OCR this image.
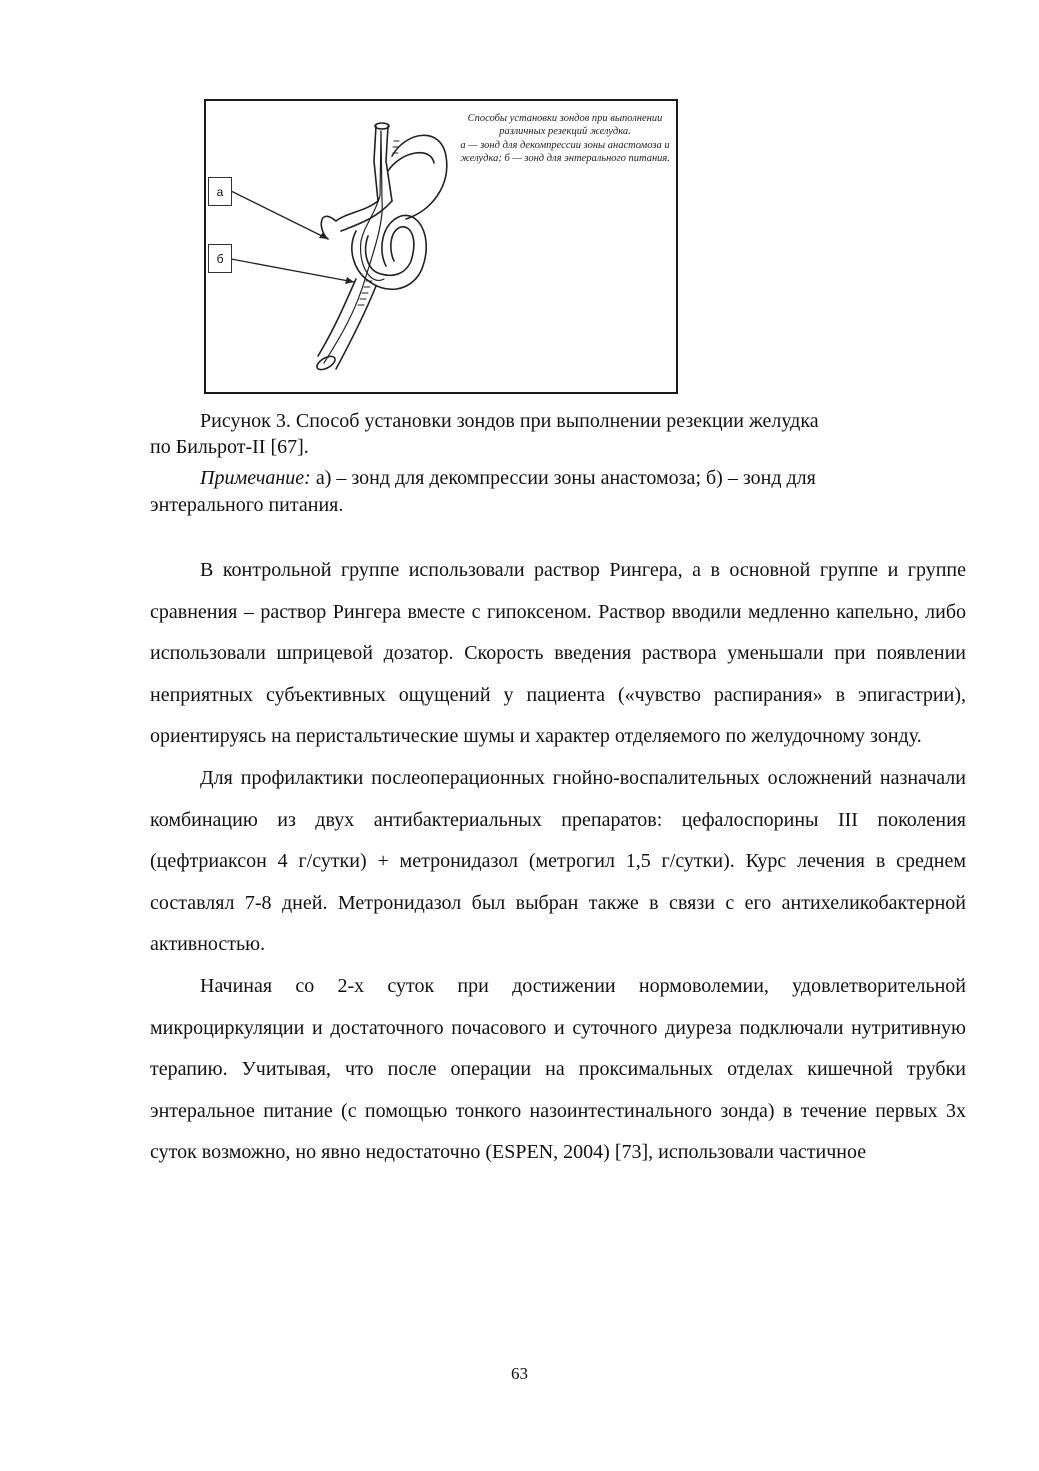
а
б
Способы установки зондов при выполнении различных резекций желудка.
а — зонд для декомпрессии зоны анастомоза и желудка; б — зонд для энтерального питания.
Рисунок 3. Способ установки зондов при выполнении резекции желудка
по Бильрот-II [67].
Примечание: а) – зонд для декомпрессии зоны анастомоза; б) – зонд для
энтерального питания.

В контрольной группе использовали раствор Рингера, а в основной группе и группе сравнения – раствор Рингера вместе с гипоксеном. Раствор вводили медленно капельно, либо использовали шприцевой дозатор. Скорость введения раствора уменьшали при появлении неприятных субъективных ощущений у пациента («чувство распирания» в эпигастрии), ориентируясь на перистальтические шумы и характер отделяемого по желудочному зонду.

Для профилактики послеоперационных гнойно-воспалительных осложнений назначали комбинацию из двух антибактериальных препаратов: цефалоспорины III поколения (цефтриаксон 4 г/сутки) + метронидазол (метрогил 1,5 г/сутки). Курс лечения в среднем составлял 7-8 дней. Метронидазол был выбран также в связи с его антихеликобактерной активностью.

Начиная со 2-х суток при достижении нормоволемии, удовлетворительной микроциркуляции и достаточного почасового и суточного диуреза подключали нутритивную терапию. Учитывая, что после операции на проксимальных отделах кишечной трубки энтеральное питание (с помощью тонкого назоинтестинального зонда) в течение первых 3х суток возможно, но явно недостаточно (ESPEN, 2004) [73], использовали частичное

63
